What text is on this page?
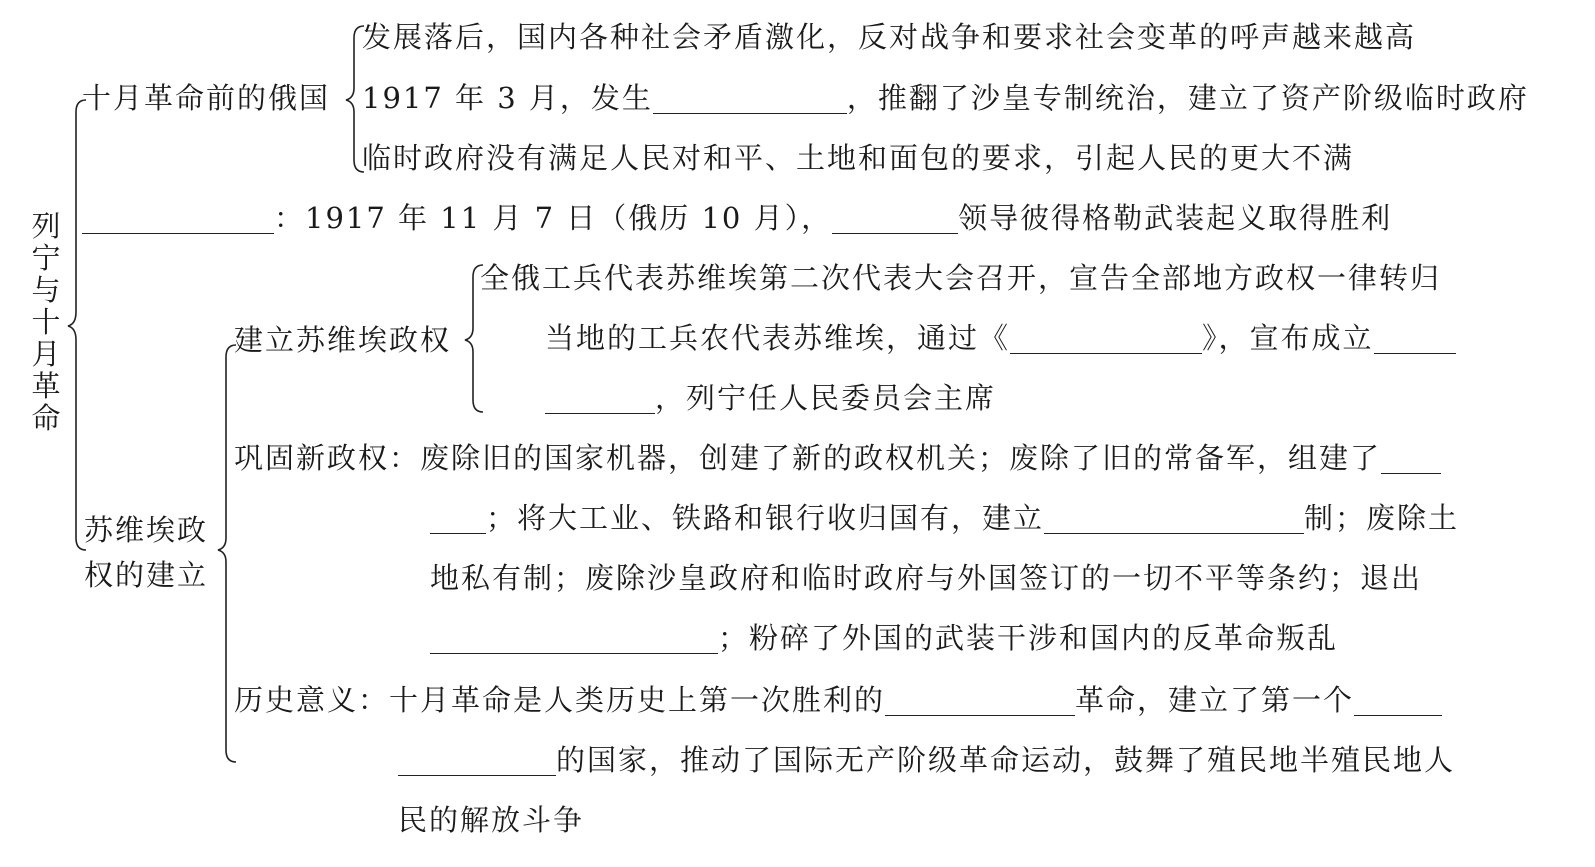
列宁与十月革命
十月革命前的俄国
发展落后，国内各种社会矛盾激化，反对战争和要求社会变革的呼声越来越高
1917 年 3 月，发生	，推翻了沙皇专制统治，建立了资产阶级临时政府
临时政府没有满足人民对和平、土地和面包的要求，引起人民的更大不满
：1917 年 11 月 7 日（俄历 10 月），	领导彼得格勒武装起义取得胜利
苏维埃政
权的建立
建立苏维埃政权
全俄工兵代表苏维埃第二次代表大会召开，宣告全部地方政权一律转归
当地的工兵农代表苏维埃，通过《	》，宣布成立
，列宁任人民委员会主席
巩固新政权：废除旧的国家机器，创建了新的政权机关；废除了旧的常备军，组建了
；将大工业、铁路和银行收归国有，建立	制；废除土
地私有制；废除沙皇政府和临时政府与外国签订的一切不平等条约；退出
；粉碎了外国的武装干涉和国内的反革命叛乱
历史意义：十月革命是人类历史上第一次胜利的	革命，建立了第一个
的国家，推动了国际无产阶级革命运动，鼓舞了殖民地半殖民地人
民的解放斗争
